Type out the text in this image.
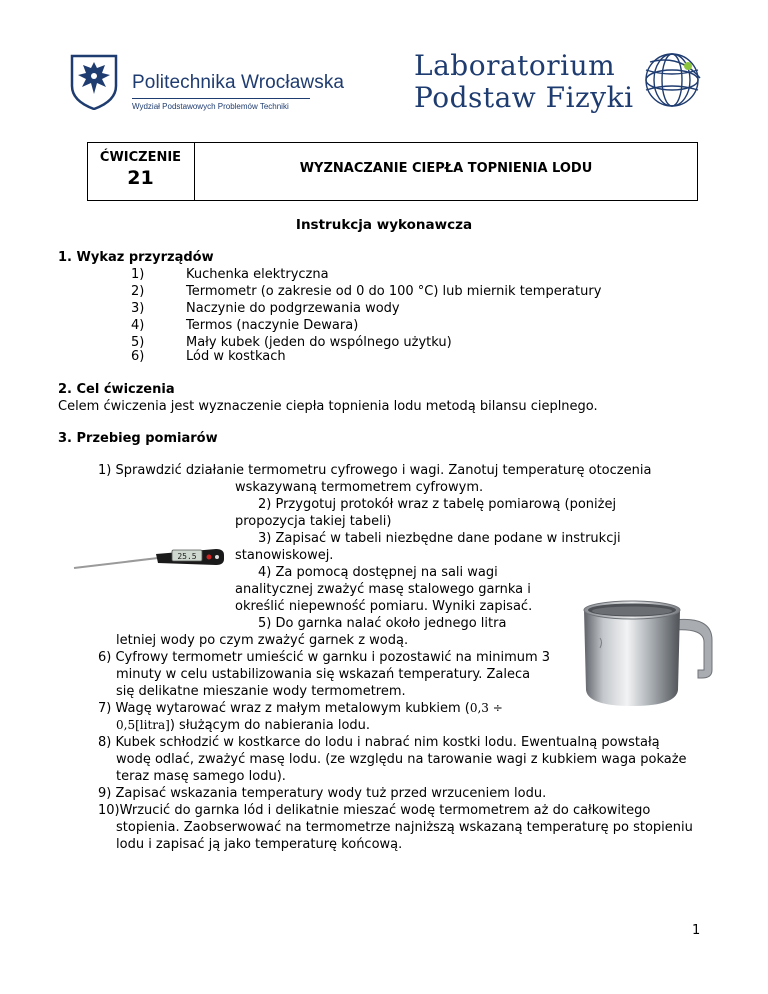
Politechnika Wrocławska
Wydział Podstawowych Problemów Techniki
Laboratorium
Podstaw Fizyki
ĆWICZENIE
21	WYZNACZANIE CIEPŁA TOPNIENIA LODU
Instrukcja wykonawcza
1. Wykaz przyrządów
1)	Kuchenka elektryczna
2)	Termometr (o zakresie od 0 do 100 °C) lub miernik temperatury
3)	Naczynie do podgrzewania wody
4)	Termos (naczynie Dewara)
5)	Mały kubek (jeden do wspólnego użytku)
6)	Lód w kostkach
2. Cel ćwiczenia
Celem ćwiczenia jest wyznaczenie ciepła topnienia lodu metodą bilansu cieplnego.
3. Przebieg pomiarów
1) Sprawdzić działanie termometru cyfrowego i wagi. Zanotuj temperaturę otoczenia
wskazywaną termometrem cyfrowym.
2) Przygotuj protokół wraz z tabelę pomiarową (poniżej
propozycja takiej tabeli)
3) Zapisać w tabeli niezbędne dane podane w instrukcji
stanowiskowej.
4) Za pomocą dostępnej na sali wagi
analitycznej zważyć masę stalowego garnka i
określić niepewność pomiaru. Wyniki zapisać.
5) Do garnka nalać około jednego litra
letniej wody po czym zważyć garnek z wodą.
6) Cyfrowy termometr umieścić w garnku i pozostawić na minimum 3
minuty w celu ustabilizowania się wskazań temperatury. Zaleca
się delikatne mieszanie wody termometrem.
7) Wagę wytarować wraz z małym metalowym kubkiem (0,3 ÷
0,5[litra]) służącym do nabierania lodu.
8) Kubek schłodzić w kostkarce do lodu i nabrać nim kostki lodu. Ewentualną powstałą
wodę odlać, zważyć masę lodu. (ze względu na tarowanie wagi z kubkiem waga pokaże
teraz masę samego lodu).
9) Zapisać wskazania temperatury wody tuż przed wrzuceniem lodu.
10)Wrzucić do garnka lód i delikatnie mieszać wodę termometrem aż do całkowitego
stopienia. Zaobserwować na termometrze najniższą wskazaną temperaturę po stopieniu
lodu i zapisać ją jako temperaturę końcową.
25.5
1
